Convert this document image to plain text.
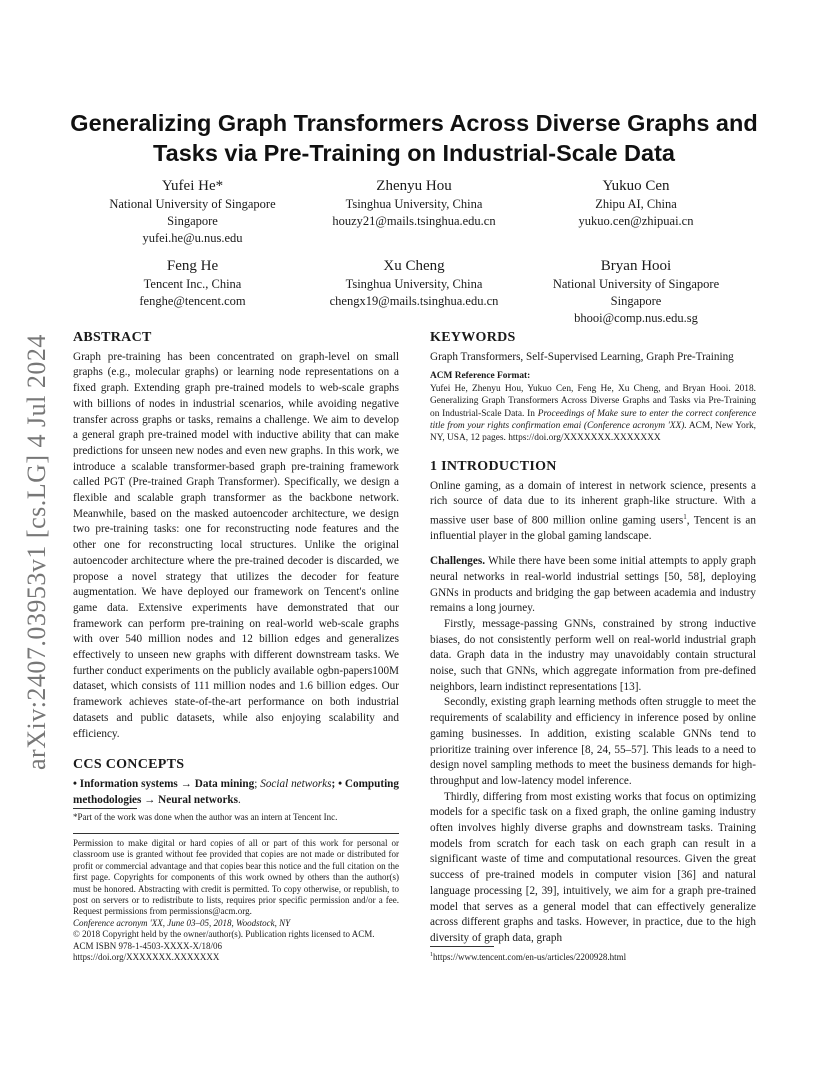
arXiv:2407.03953v1 [cs.LG] 4 Jul 2024
Generalizing Graph Transformers Across Diverse Graphs and
Tasks via Pre-Training on Industrial-Scale Data
Yufei He*
National University of Singapore
Singapore
yufei.he@u.nus.edu
Zhenyu Hou
Tsinghua University, China
houzy21@mails.tsinghua.edu.cn
Yukuo Cen
Zhipu AI, China
yukuo.cen@zhipuai.cn
Feng He
Tencent Inc., China
fenghe@tencent.com
Xu Cheng
Tsinghua University, China
chengx19@mails.tsinghua.edu.cn
Bryan Hooi
National University of Singapore
Singapore
bhooi@comp.nus.edu.sg
ABSTRACT

Graph pre-training has been concentrated on graph-level on small graphs (e.g., molecular graphs) or learning node representations on a fixed graph. Extending graph pre-trained models to web-scale graphs with billions of nodes in industrial scenarios, while avoiding negative transfer across graphs or tasks, remains a challenge. We aim to develop a general graph pre-trained model with inductive ability that can make predictions for unseen new nodes and even new graphs. In this work, we introduce a scalable transformer-based graph pre-training framework called PGT (Pre-trained Graph Transformer). Specifically, we design a flexible and scalable graph transformer as the backbone network. Meanwhile, based on the masked autoencoder architecture, we design two pre-training tasks: one for reconstructing node features and the other one for reconstructing local structures. Unlike the original autoencoder architecture where the pre-trained decoder is discarded, we propose a novel strategy that utilizes the decoder for feature augmentation. We have deployed our framework on Tencent's online game data. Extensive experiments have demonstrated that our framework can perform pre-training on real-world web-scale graphs with over 540 million nodes and 12 billion edges and generalizes effectively to unseen new graphs with different downstream tasks. We further conduct experiments on the publicly available ogbn-papers100M dataset, which consists of 111 million nodes and 1.6 billion edges. Our framework achieves state-of-the-art performance on both industrial datasets and public datasets, while also enjoying scalability and efficiency.

CCS CONCEPTS

• Information systems → Data mining; Social networks; • Computing methodologies → Neural networks.

*Part of the work was done when the author was an intern at Tencent Inc.

Permission to make digital or hard copies of all or part of this work for personal or classroom use is granted without fee provided that copies are not made or distributed for profit or commercial advantage and that copies bear this notice and the full citation on the first page. Copyrights for components of this work owned by others than the author(s) must be honored. Abstracting with credit is permitted. To copy otherwise, or republish, to post on servers or to redistribute to lists, requires prior specific permission and/or a fee. Request permissions from permissions@acm.org.

Conference acronym 'XX, June 03–05, 2018, Woodstock, NY

© 2018 Copyright held by the owner/author(s). Publication rights licensed to ACM.

ACM ISBN 978-1-4503-XXXX-X/18/06

https://doi.org/XXXXXXX.XXXXXXX

KEYWORDS

Graph Transformers, Self-Supervised Learning, Graph Pre-Training

ACM Reference Format:

Yufei He, Zhenyu Hou, Yukuo Cen, Feng He, Xu Cheng, and Bryan Hooi. 2018. Generalizing Graph Transformers Across Diverse Graphs and Tasks via Pre-Training on Industrial-Scale Data. In Proceedings of Make sure to enter the correct conference title from your rights confirmation emai (Conference acronym 'XX). ACM, New York, NY, USA, 12 pages. https://doi.org/XXXXXXX.XXXXXXX

1 INTRODUCTION

Online gaming, as a domain of interest in network science, presents a rich source of data due to its inherent graph-like structure. With a massive user base of 800 million online gaming users$^1$, Tencent is an influential player in the global gaming landscape.

Challenges. While there have been some initial attempts to apply graph neural networks in real-world industrial settings [50, 58], deploying GNNs in products and bridging the gap between academia and industry remains a long journey.

Firstly, message-passing GNNs, constrained by strong inductive biases, do not consistently perform well on real-world industrial graph data. Graph data in the industry may unavoidably contain structural noise, such that GNNs, which aggregate information from pre-defined neighbors, learn indistinct representations [13].

Secondly, existing graph learning methods often struggle to meet the requirements of scalability and efficiency in inference posed by online gaming businesses. In addition, existing scalable GNNs tend to prioritize training over inference [8, 24, 55–57]. This leads to a need to design novel sampling methods to meet the business demands for high-throughput and low-latency model inference.

Thirdly, differing from most existing works that focus on optimizing models for a specific task on a fixed graph, the online gaming industry often involves highly diverse graphs and downstream tasks. Training models from scratch for each task on each graph can result in a significant waste of time and computational resources. Given the great success of pre-trained models in computer vision [36] and natural language processing [2, 39], intuitively, we aim for a graph pre-trained model that serves as a general model that can effectively generalize across different graphs and tasks. However, in practice, due to the high diversity of graph data, graph

$^1$https://www.tencent.com/en-us/articles/2200928.html
